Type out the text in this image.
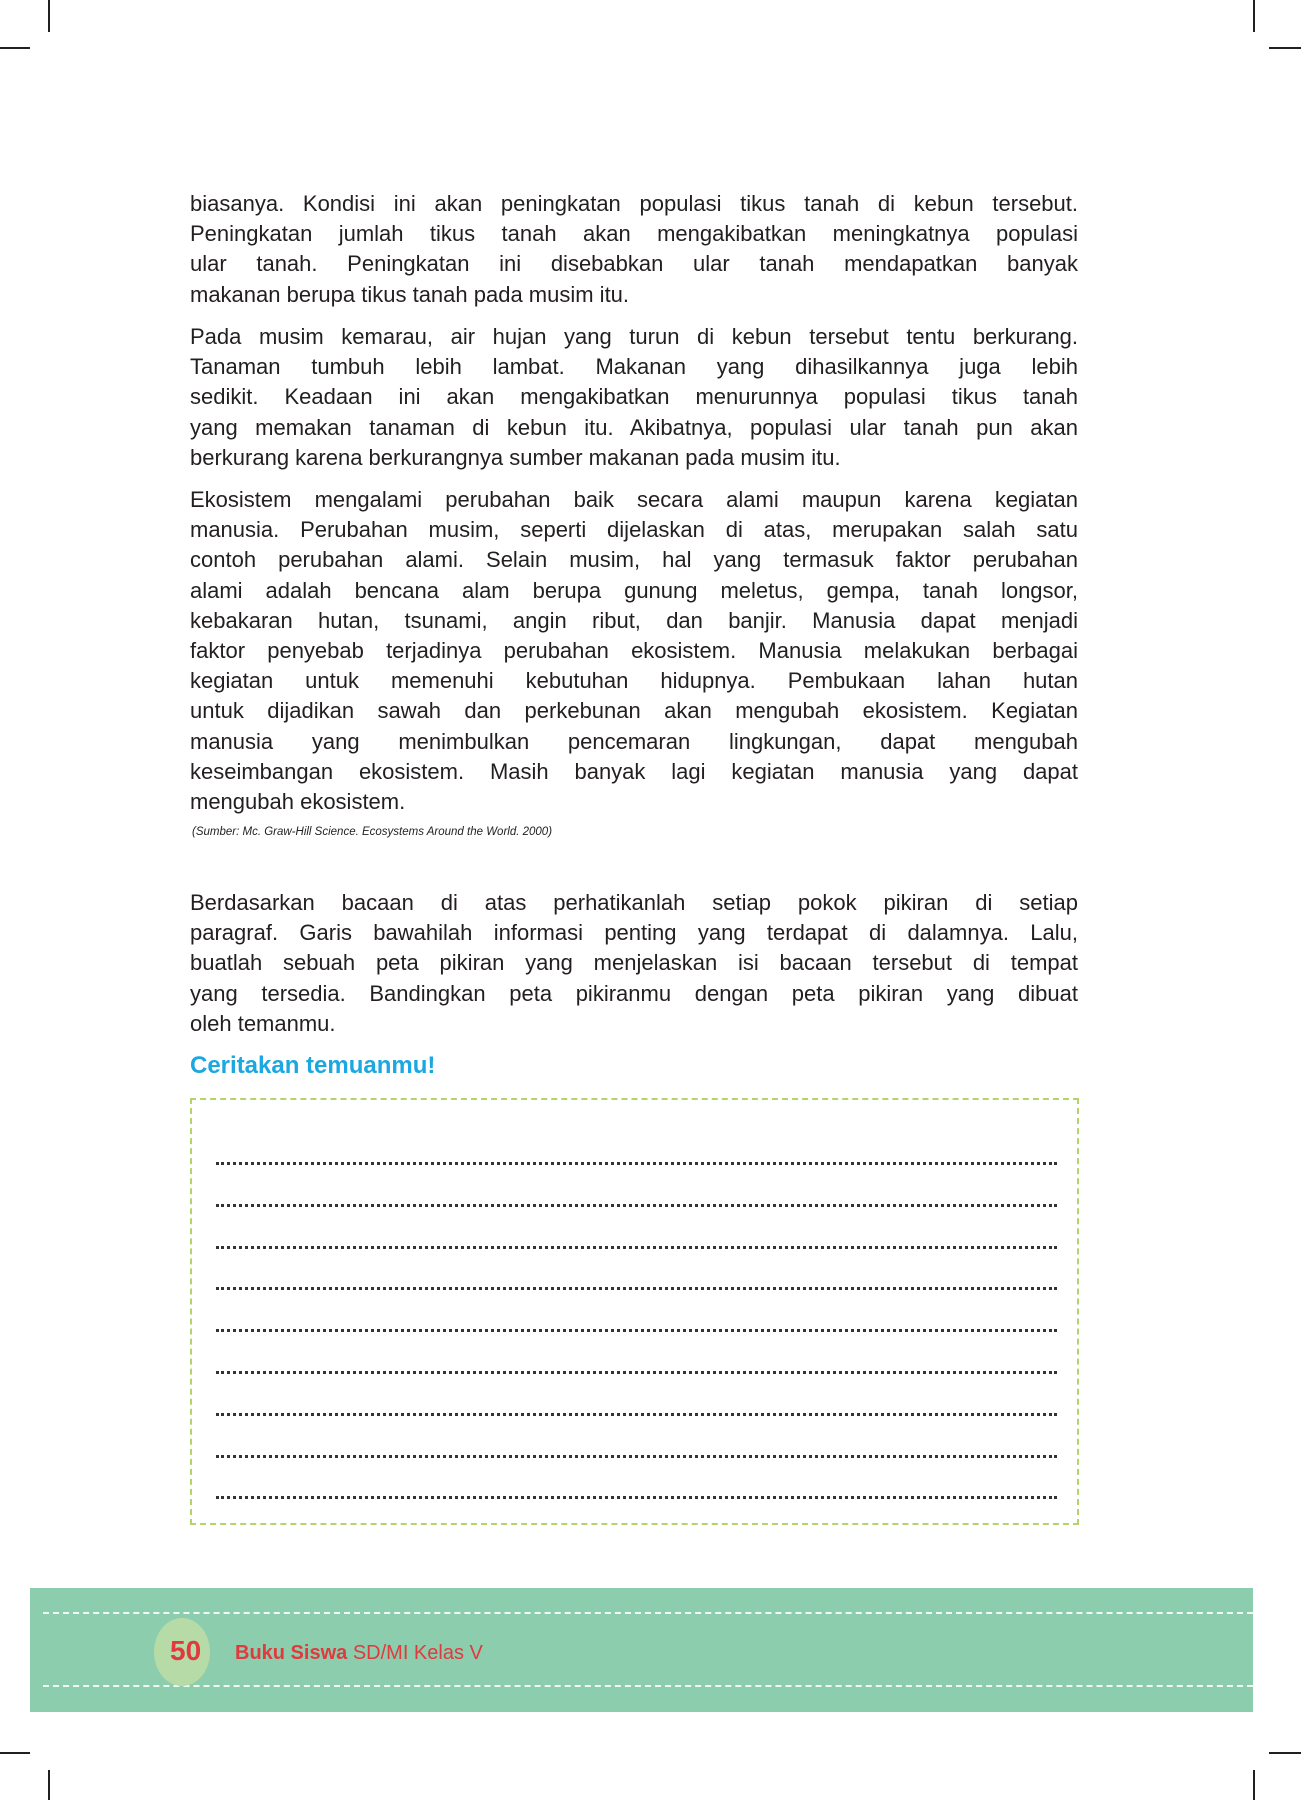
biasanya. Kondisi ini akan peningkatan populasi tikus tanah di kebun tersebut.
Peningkatan jumlah tikus tanah akan mengakibatkan meningkatnya populasi
ular tanah. Peningkatan ini disebabkan ular tanah mendapatkan banyak
makanan berupa tikus tanah pada musim itu.
Pada musim kemarau, air hujan yang turun di kebun tersebut tentu berkurang.
Tanaman tumbuh lebih lambat. Makanan yang dihasilkannya juga lebih
sedikit. Keadaan ini akan mengakibatkan menurunnya populasi tikus tanah
yang memakan tanaman di kebun itu. Akibatnya, populasi ular tanah pun akan
berkurang karena berkurangnya sumber makanan pada musim itu.
Ekosistem mengalami perubahan baik secara alami maupun karena kegiatan
manusia. Perubahan musim, seperti dijelaskan di atas, merupakan salah satu
contoh perubahan alami. Selain musim, hal yang termasuk faktor perubahan
alami adalah bencana alam berupa gunung meletus, gempa, tanah longsor,
kebakaran hutan, tsunami, angin ribut, dan banjir. Manusia dapat menjadi
faktor penyebab terjadinya perubahan ekosistem. Manusia melakukan berbagai
kegiatan untuk memenuhi kebutuhan hidupnya. Pembukaan lahan hutan
untuk dijadikan sawah dan perkebunan akan mengubah ekosistem. Kegiatan
manusia yang menimbulkan pencemaran lingkungan, dapat mengubah
keseimbangan ekosistem. Masih banyak lagi kegiatan manusia yang dapat
mengubah ekosistem.
(Sumber: Mc. Graw-Hill Science. Ecosystems Around the World. 2000)
Berdasarkan bacaan di atas perhatikanlah setiap pokok pikiran di setiap
paragraf. Garis bawahilah informasi penting yang terdapat di dalamnya. Lalu,
buatlah sebuah peta pikiran yang menjelaskan isi bacaan tersebut di tempat
yang tersedia. Bandingkan peta pikiranmu dengan peta pikiran yang dibuat
oleh temanmu.
Ceritakan temuanmu!
50 Buku Siswa SD/MI Kelas V
